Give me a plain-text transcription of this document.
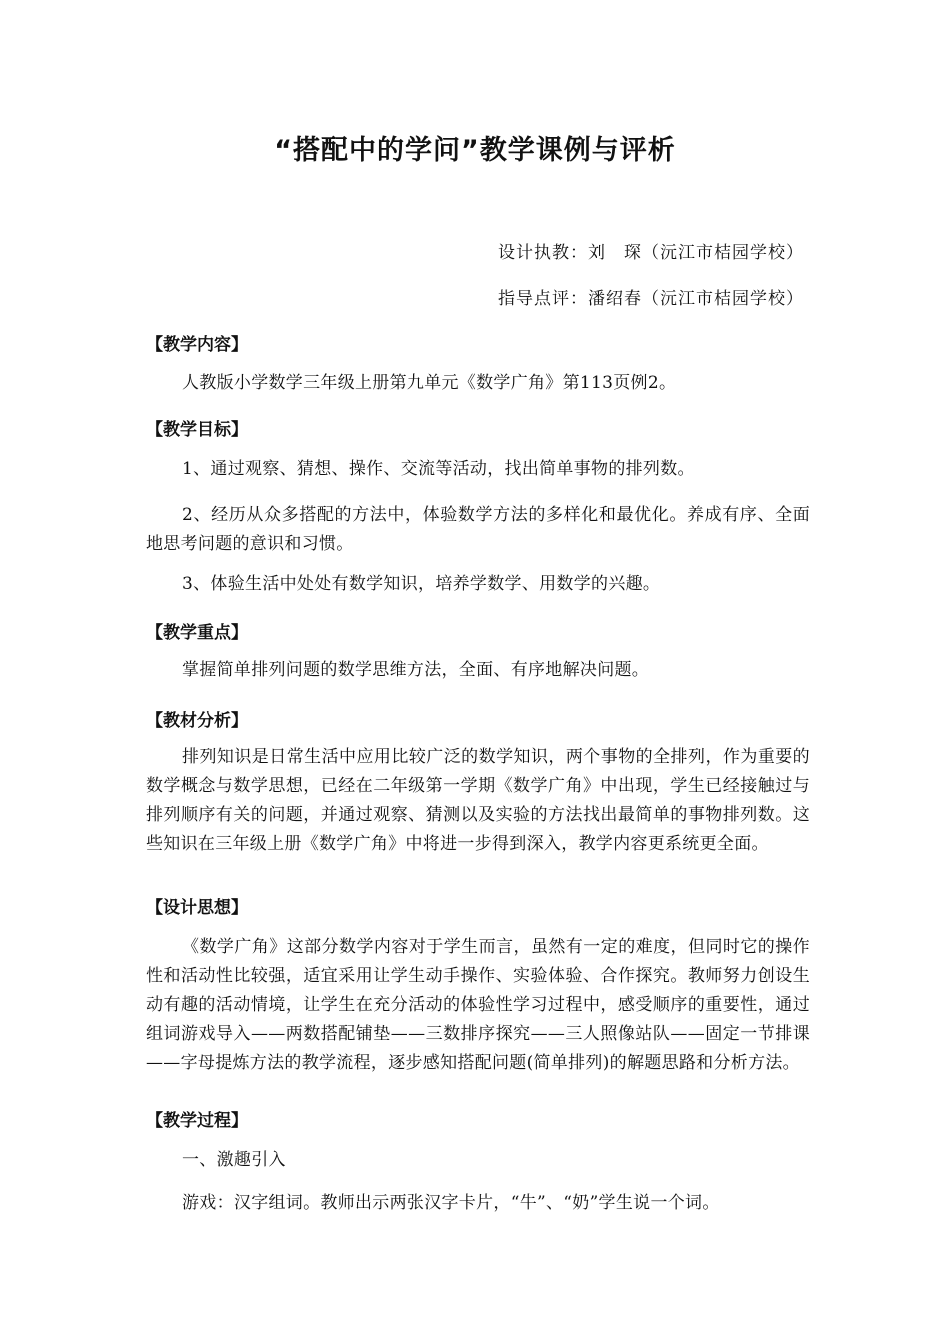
“搭配中的学问”教学课例与评析
设计执教：刘　琛（沅江市桔园学校）
指导点评：潘绍春（沅江市桔园学校）
【教学内容】
人教版小学数学三年级上册第九单元《数学广角》第113页例2。
【教学目标】
1、通过观察、猜想、操作、交流等活动，找出简单事物的排列数。
2、经历从众多搭配的方法中，体验数学方法的多样化和最优化。养成有序、全面地思考问题的意识和习惯。
3、体验生活中处处有数学知识，培养学数学、用数学的兴趣。
【教学重点】
掌握简单排列问题的数学思维方法，全面、有序地解决问题。
【教材分析】
排列知识是日常生活中应用比较广泛的数学知识，两个事物的全排列，作为重要的数学概念与数学思想，已经在二年级第一学期《数学广角》中出现，学生已经接触过与排列顺序有关的问题，并通过观察、猜测以及实验的方法找出最简单的事物排列数。这些知识在三年级上册《数学广角》中将进一步得到深入，教学内容更系统更全面。
【设计思想】
《数学广角》这部分数学内容对于学生而言，虽然有一定的难度，但同时它的操作性和活动性比较强，适宜采用让学生动手操作、实验体验、合作探究。教师努力创设生动有趣的活动情境，让学生在充分活动的体验性学习过程中，感受顺序的重要性，通过组词游戏导入——两数搭配铺垫——三数排序探究——三人照像站队——固定一节排课——字母提炼方法的教学流程，逐步感知搭配问题(简单排列)的解题思路和分析方法。
【教学过程】
一、激趣引入
游戏：汉字组词。教师出示两张汉字卡片，“牛”、“奶”学生说一个词。
